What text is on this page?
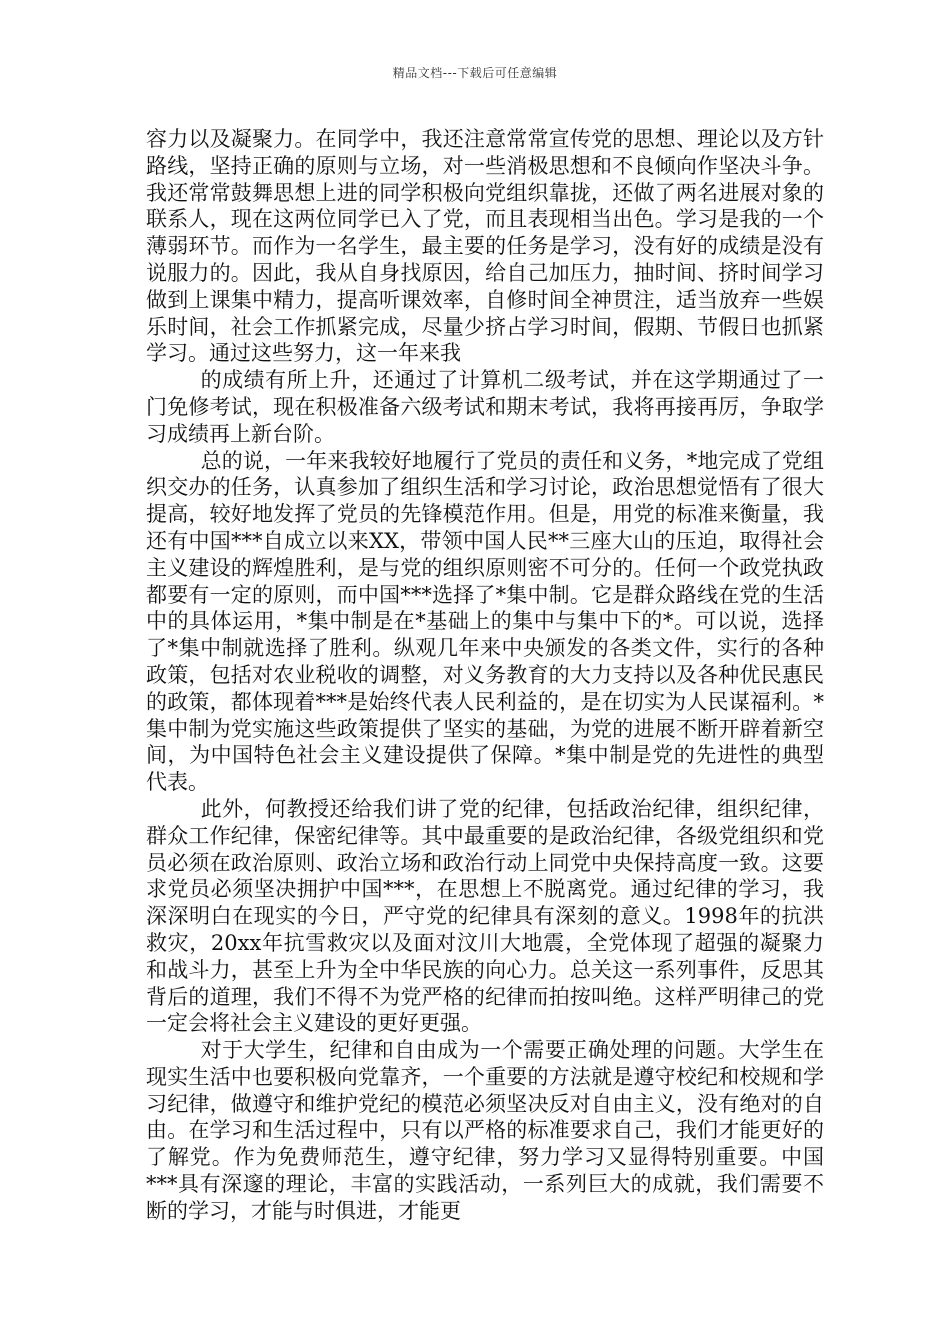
精品文档---下载后可任意编辑

容力以及凝聚力。在同学中，我还注意常常宣传党的思想、理论以及方针路线，坚持正确的原则与立场，对一些消极思想和不良倾向作坚决斗争。我还常常鼓舞思想上进的同学积极向党组织靠拢，还做了两名进展对象的联系人，现在这两位同学已入了党，而且表现相当出色。学习是我的一个薄弱环节。而作为一名学生，最主要的任务是学习，没有好的成绩是没有说服力的。因此，我从自身找原因，给自己加压力，抽时间、挤时间学习做到上课集中精力，提高听课效率，自修时间全神贯注，适当放弃一些娱乐时间，社会工作抓紧完成，尽量少挤占学习时间，假期、节假日也抓紧学习。通过这些努力，这一年来我

的成绩有所上升，还通过了计算机二级考试，并在这学期通过了一门免修考试，现在积极准备六级考试和期末考试，我将再接再厉，争取学习成绩再上新台阶。

总的说，一年来我较好地履行了党员的责任和义务，*地完成了党组织交办的任务，认真参加了组织生活和学习讨论，政治思想觉悟有了很大提高，较好地发挥了党员的先锋模范作用。但是，用党的标准来衡量，我还有中国***自成立以来XX，带领中国人民**三座大山的压迫，取得社会主义建设的辉煌胜利，是与党的组织原则密不可分的。任何一个政党执政都要有一定的原则，而中国***选择了*集中制。它是群众路线在党的生活中的具体运用，*集中制是在*基础上的集中与集中下的*。可以说，选择了*集中制就选择了胜利。纵观几年来中央颁发的各类文件，实行的各种政策，包括对农业税收的调整，对义务教育的大力支持以及各种优民惠民的政策，都体现着***是始终代表人民利益的，是在切实为人民谋福利。*集中制为党实施这些政策提供了坚实的基础，为党的进展不断开辟着新空间，为中国特色社会主义建设提供了保障。*集中制是党的先进性的典型代表。

此外，何教授还给我们讲了党的纪律，包括政治纪律，组织纪律，群众工作纪律，保密纪律等。其中最重要的是政治纪律，各级党组织和党员必须在政治原则、政治立场和政治行动上同党中央保持高度一致。这要求党员必须坚决拥护中国***，在思想上不脱离党。通过纪律的学习，我深深明白在现实的今日，严守党的纪律具有深刻的意义。1998年的抗洪救灾，20xx年抗雪救灾以及面对汶川大地震，全党体现了超强的凝聚力和战斗力，甚至上升为全中华民族的向心力。总关这一系列事件，反思其背后的道理，我们不得不为党严格的纪律而拍按叫绝。这样严明律己的党一定会将社会主义建设的更好更强。

对于大学生，纪律和自由成为一个需要正确处理的问题。大学生在现实生活中也要积极向党靠齐，一个重要的方法就是遵守校纪和校规和学习纪律，做遵守和维护党纪的模范必须坚决反对自由主义，没有绝对的自由。在学习和生活过程中，只有以严格的标准要求自己，我们才能更好的了解党。作为免费师范生，遵守纪律，努力学习又显得特别重要。中国***具有深邃的理论，丰富的实践活动，一系列巨大的成就，我们需要不断的学习，才能与时俱进，才能更
